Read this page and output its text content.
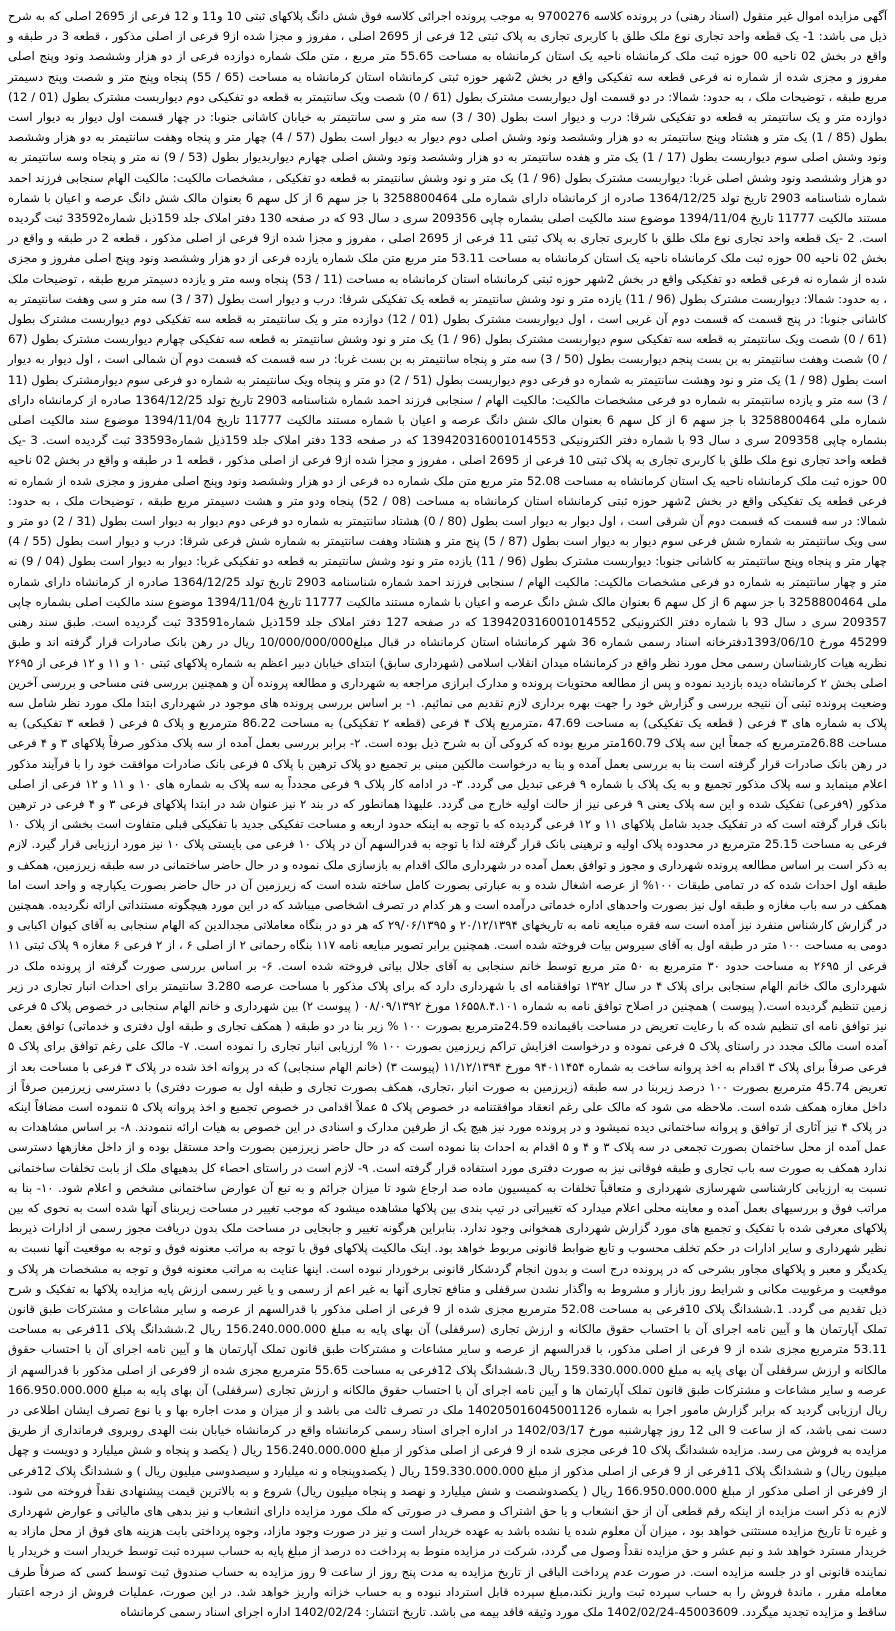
آگهی مزایده اموال غیر منقول (اسناد رهنی) در پرونده کلاسه 9700276 به موجب پرونده اجرائی کلاسه فوق شش دانگ پلاکهای ثبتی 10 و11 و 12 فرعی از 2695 اصلی که به شرح ذیل می باشد: 1- یک قطعه واحد تجاری نوع ملک طلق با کاربری تجاری به پلاک ثبتی 12 فرعی از 2695 اصلی ، مفروز و مجزا شده از9 فرعی از اصلی مذکور ، قطعه 3 در طبقه و واقع در بخش 02 ناحیه 00 حوزه ثبت ملک کرمانشاه ناحیه یک استان کرمانشاه به مساحت 55.65 متر مربع ، متن ملک شماره دوازده فرعی از دو هزار وششصد ونود وپنج اصلی مفروز و مجزی شده از شماره نه فرعی قطعه سه تفکیکی واقع در بخش 2شهر حوزه ثبتی کرمانشاه استان کرمانشاه به مساحت (65 / 55) پنجاه وپنج متر و شصت وپنج دسیمتر مربع طبقه ، توضیحات ملک ، به حدود: شمالا: در دو قسمت اول دیواربست مشترک بطول (61 / 0) شصت ویک سانتیمتر به قطعه دو تفکیکی دوم دیواربست مشترک بطول (01 / 12) دوازده متر و یک سانتیمتر به قطعه دو تفکیکی شرقا: درب و دیوار است بطول (30 / 3) سه متر و سی سانتیمتر به خیابان کاشانی جنوبا: در چهار قسمت اول دیوار به دیوار است بطول (85 / 1) یک متر و هشتاد وپنج سانتیمتر به دو هزار وششصد ونود وشش اصلی دوم دیوار به دیوار است بطول (57 / 4) چهار متر و پنجاه وهفت سانتیمتر به دو هزار وششصد ونود وشش اصلی سوم دیواربست بطول (17 / 1) یک متر و هفده سانتیمتر به دو هزار وششصد ونود وشش اصلی چهارم دیواربدیوار بطول (53 / 9) نه متر و پنجاه وسه سانتیمتر به دو هزار وششصد ونود وشش اصلی غربا: دیواربست مشترک بطول (96 / 1) یک متر و نود وشش سانتیمتر به قطعه دو تفکیکی ، مشخصات مالکیت: مالکیت الهام سنجابی فرزند احمد شماره شناسنامه 2903 تاریخ تولد 1364/12/25 صادره از کرمانشاه دارای شماره ملی 3258800464 با جز سهم 6 از کل سهم 6 بعنوان مالک شش دانگ عرصه و اعیان با شماره مستند مالکیت 11777 تاریخ 1394/11/04 موضوع سند مالکیت اصلی بشماره چاپی 209356 سری د سال 93 که در صفحه 130 دفتر املاک جلد 159ذیل شماره33592 ثبت گردیده است. 2 -یک قطعه واحد تجاری نوع ملک طلق با کاربری تجاری به پلاک ثبتی 11 فرعی از 2695 اصلی ، مفروز و مجزا شده از9 فرعی از اصلی مذکور ، قطعه 2 در طبقه و واقع در بخش 02 ناحیه 00 حوزه ثبت ملک کرمانشاه ناحیه یک استان کرمانشاه به مساحت 53.11 متر مربع متن ملک شماره یازده فرعی از دو هزار وششصد ونود وپنج اصلی مفروز و مجزی شده از شماره نه فرعی قطعه دو تفکیکی واقع در بخش 2شهر حوزه ثبتی کرمانشاه استان کرمانشاه به مساحت (11 / 53) پنجاه وسه متر و یازده دسیمتر مربع طبقه ، توضیحات ملک ، به حدود: شمالا: دیواربست مشترک بطول (96 / 11) یازده متر و نود وشش سانتیمتر به قطعه یک تفکیکی شرقا: درب و دیوار است بطول (37 / 3) سه متر و سی وهفت سانتیمتر به کاشانی جنوبا: در پنج قسمت که قسمت دوم آن غربی است ، اول دیواربست مشترک بطول (01 / 12) دوازده متر و یک سانتیمتر به قطعه سه تفکیکی دوم دیواربست مشترک بطول (61 / 0) شصت ویک سانتیمتر به قطعه سه تفکیکی سوم دیواربست مشترک بطول (96 / 1) یک متر و نود وشش سانتیمتر به قطعه سه تفکیکی چهارم دیواربست مشترک بطول (67 / 0) شصت وهفت سانتیمتر به بن بست پنجم دیواربست بطول (50 / 3) سه متر و پنجاه سانتیمتر به بن بست غربا: در سه قسمت که قسمت دوم آن شمالی است ، اول دیوار به دیوار است بطول (98 / 1) یک متر و نود وهشت سانتیمتر به شماره دو فرعی دوم دیواربست بطول (51 / 2) دو متر و پنجاه ویک سانتیمتر به شماره دو فرعی سوم دیوارمشترک بطول (11 / 3) سه متر و یازده سانتیمتر به شماره دو فرعی مشخصات مالکیت: مالکیت الهام / سنجابی فرزند احمد شماره شناسنامه 2903 تاریخ تولد 1364/12/25 صادره از کرمانشاه دارای شماره ملی 3258800464 با جز سهم 6 از کل سهم 6 بعنوان مالک شش دانگ عرصه و اعیان با شماره مستند مالکیت 11777 تاریخ 1394/11/04 موضوع سند مالکیت اصلی بشماره چاپی 209358 سری د سال 93 با شماره دفتر الکترونیکی 139420316001014553 که در صفحه 133 دفتر املاک جلد 159ذیل شماره33593 ثبت گردیده است. 3 -یک قطعه واحد تجاری نوع ملک طلق با کاربری تجاری به پلاک ثبتی 10 فرعی از 2695 اصلی ، مفروز و مجزا شده از9 فرعی از اصلی مذکور ، قطعه 1 در طبقه و واقع در بخش 02 ناحیه 00 حوزه ثبت ملک کرمانشاه ناحیه یک استان کرمانشاه به مساحت 52.08 متر مربع متن ملک شماره ده فرعی از دو هزار وششصد ونود وپنج اصلی مفروز و مجزی شده از شماره نه فرعی قطعه یک تفکیکی واقع در بخش 2شهر حوزه ثبتی کرمانشاه استان کرمانشاه به مساحت (08 / 52) پنجاه ودو متر و هشت دسیمتر مربع طبقه ، توضیحات ملک ، به حدود: شمالا: در سه قسمت که قسمت دوم آن شرقی است ، اول دیوار به دیوار است بطول (80 / 0) هشتاد سانتیمتر به شماره دو فرعی دوم دیوار به دیوار است بطول (31 / 2) دو متر و سی ویک سانتیمتر به شماره شش فرعی سوم دیوار به دیوار است بطول (87 / 5) پنج متر و هشتاد وهفت سانتیمتر به شماره شش فرعی شرقا: درب و دیوار است بطول (55 / 4) چهار متر و پنجاه وپنج سانتیمتر به کاشانی جنوبا: دیواربست مشترک بطول (96 / 11) یازده متر و نود وشش سانتیمتر به قطعه دو تفکیکی غربا: دیوار به دیوار است بطول (04 / 9) نه متر و چهار سانتیمتر به شماره دو فرعی مشخصات مالکیت: مالکیت الهام / سنجابی فرزند احمد شماره شناسنامه 2903 تاریخ تولد 1364/12/25 صادره از کرمانشاه دارای شماره ملی 3258800464 با جز سهم 6 از کل سهم 6 بعنوان مالک شش دانگ عرصه و اعیان با شماره مستند مالکیت 11777 تاریخ 1394/11/04 موضوع سند مالکیت اصلی بشماره چاپی 209357 سری د سال 93 با شماره دفتر الکترونیکی 139420316001014552 که در صفحه 127 دفتر املاک جلد 159ذیل شماره33591 ثبت گردیده است. طبق سند رهنی 45299 مورخ 1393/06/10دفترخانه اسناد رسمی شماره 36 شهر کرمانشاه استان کرمانشاه در قبال مبلغ10/000/000/000 ریال در رهن بانک صادرات قرار گرفته اند و طبق نظریه هیات کارشناسان رسمی محل مورد نظر واقع در کرمانشاه میدان انقلاب اسلامی (شهرداری سابق) ابتدای خیابان دبیر اعظم به شماره پلاکهای ثبتی ۱۰ و ۱۱ و ۱۲ فرعی از ۲۶۹۵ اصلی بخش ۲ کرمانشاه دیده بازدید نموده و پس از مطالعه محتویات پرونده و مدارک ابرازی مراجعه به شهرداری و مطالعه پرونده آن و همچنین بررسی فنی مساحی و بررسی آخرین وضعیت پرونده ثبتی آن نتیجه بررسی و گزارش خود را جهت بهره برداری لازم تقدیم می نمائیم. ۱- بر اساس بررسی پرونده های موجود در شهرداری ابتدا ملک مورد نظر شامل سه پلاک به شماره های ۳ فرعی ( قطعه یک تفکیکی) به مساحت 47.69 ،مترمربع پلاک ۴ فرعی (قطعه ۲ تفکیکی) به مساحت 86.22 مترمربع و پلاک ۵ فرعی ( قطعه ۳ تفکیکی) به مساحت 26.88مترمربع که جمعاً این سه پلاک 160.79متر مربع بوده که کروکی آن به شرح ذیل بوده است. ۲- برابر بررسی بعمل آمده از سه پلاک مذکور صرفاً پلاکهای ۳ و ۴ فرعی در رهن بانک صادرات قرار گرفته است بنا به بررسی بعمل آمده و بنا به درخواست مالکین مبنی بر تجمیع دو پلاک ترهین با پلاک ۵ فرعی بانک صادرات موافقت خود را با فرآیند مذکور اعلام مینماید و سه پلاک مذکور تجمیع و به یک پلاک با شماره ۹ فرعی تبدیل می گردد. ۳- در ادامه کار پلاک ۹ فرعی مجدداً به سه پلاک به شماره های ۱۰ و ۱۱ و ۱۲ فرعی از اصلی مذکور (۹فرعی) تفکیک شده و این سه پلاک یعنی ۹ فرعی نیز از حالت اولیه خارج می گردد. علیهذا همانطور که در بند ۲ نیز عنوان شد در ابتدا پلاکهای فرعی ۳ و ۴ فرعی در ترهین بانک قرار گرفته است که در تفکیک جدید شامل پلاکهای ۱۱ و ۱۲ فرعی گردیده که با توجه به اینکه حدود اربعه و مساحت تفکیکی جدید با تفکیکی قبلی متفاوت است بخشی از پلاک ۱۰ فرعی به مساحت 25.15 مترمربع در محدوده پلاک اولیه و ترهینی بانک قرار گرفته لذا با توجه به قدرالسهم آن در پلاک ۱۰ فرعی می بایستی پلاک ۱۰ نیز مورد ارزیابی قرار گیرد. لازم به ذکر است بر اساس مطالعه پرونده شهرداری و مجوز و توافق بعمل آمده در شهرداری مالک اقدام به بازسازی ملک نموده و در حال حاضر ساختمانی در سه طبقه زیرزمین، همکف و طبقه اول احداث شده که در تمامی طبقات ۱۰۰% از عرصه اشغال شده و به عبارتی بصورت کامل ساخته شده است که زیرزمین آن در حال حاضر بصورت یکپارچه و واحد است اما همکف در سه باب مغازه و طبقه اول نیز بصورت واحدهای اداره خدماتی درآمده است و هر کدام در تصرف اشخاصی میباشد که در این مورد هیچگونه مستنداتی ارائه نگردیده. همچنین در گزارش کارشناس منفرد نیز آمده است سه فقره مبایعه نامه به تاریخهای ۲۰/۱۲/۱۳۹۴ و ۲۹/۰۶/۱۳۹۵ که هر دو در بنگاه معاملاتی مجدالدین که الهام سنجابی به آقای کیوان اکبابی و دومی به مساحت ۱۰۰ متر در طبقه اول به آقای سیروس بیات فروخته شده است. همچنین برابر تصویر مبایعه نامه ۱۱۷ بنگاه رحمانی ۲ از اصلی ۶ ، از ۲ فرعی ۶ مغازه ۹ پلاک ثبتی ۱۱ فرعی از ۲۶۹۵ به مساحت حدود ۳۰ مترمربع به ۵۰ متر مربع توسط خانم سنجابی به آقای جلال بیاتی فروخته شده است. ۶- بر اساس بررسی صورت گرفته از پرونده ملک در شهرداری مالک خانم الهام سنجابی برای پلاک ۴ در سال ۱۳۹۲ توافقنامه ای با شهرداری دارد که برای پلاک مذکور با مساحت عرصه 3.280 سانتیمتر برای احداث انبار تجاری در زیر زمین تنظیم گردیده است.( پیوست ) همچنین در اصلاح توافق نامه به شماره ۱۶۵۵۸.۴.۱۰۱ مورخ ۰۸/۰۹/۱۳۹۲ ( پیوست ۲) بین شهرداری و خانم الهام سنجابی در خصوص پلاک ۵ فرعی نیز توافق نامه ای تنظیم شده که با رعایت تعریض در مساحت باقیمانده 24.59مترمربع بصورت ۱۰۰ % زیر بنا در دو طبقه ( همکف تجاری و طبقه اول دفتری و خدماتی) توافق بعمل آمده است مالک مجدد در راستای پلاک ۵ فرعی نموده و درخواست افزایش تراکم زیرزمین بصورت ۱۰۰ % ارزیابی انبار تجاری را نموده است. ۷- مالک علی رغم توافق برای پلاک ۵ فرعی صرفاً برای پلاک ۳ اقدام به اخذ پروانه ساخت به شماره ۹۴۰۱۱۴۵۴ مورخ ۱۱/۱۲/۱۳۹۴ (پیوست ۳) (خانم الهام سنجابی) که در پروانه اخذ شده در پلاک ۳ فرعی با مساحت بعد از تعریض 45.74 مترمربع بصورت ۱۰۰ درصد زیربنا در سه طبقه (زیرزمین به صورت انبار ،تجاری، همکف بصورت تجاری و طبقه اول به صورت دفتری) با دسترسی زیرزمین صرفاً از داخل مغازه همکف شده است. ملاحظه می شود که مالک علی رغم انعقاد موافقتنامه در خصوص پلاک ۵ عملاً اقدامی در خصوص تجمیع و اخذ پروانه پلاک ۵ ننموده است مضافاً اینکه در پلاک ۴ نیز آثاری از توافق و پروانه ساختمانی دیده نمیشود و در پرونده مورد نیز هیچ یک از طرفین مدارک و اسنادی در این خصوص به هیات ارائه ننمودند. ۸- بر اساس مشاهدات به عمل آمده از محل ساختمان بصورت تجمعی در سه پلاک ۳ و ۴ و ۵ اقدام به احداث بنا نموده است که در حال حاضر زیرزمین بصورت واحد مستقل بوده و از داخل مغازهها دسترسی ندارد همکف به صورت سه باب تجاری و طبقه فوقانی نیز به صورت دفتری مورد استفاده قرار گرفته است. ۹- لازم است در راستای احصاء کل بدهیهای ملک از بابت تخلفات ساختمانی نسبت به ارزیابی کارشناسی شهرسازی شهرداری و متعاقباً تخلفات به کمیسیون ماده صد ارجاع شود تا میزان جرائم و به تبع آن عوارض ساختمانی مشخص و اعلام شود. ۱۰- بنا به مراتب فوق و بررسیهای بعمل آمده و معاینه محلی اعلام میدارد که تغییراتی در تیپ بندی بین پلاکها مشاهده میشود که موجب تغییر در مساحت زیربنای آنها شده است به نحوی که بین پلاکهای معرفی شده با تفکیک و تجمیع های مورد گزارش شهرداری همخوانی وجود ندارد. بنابراین هرگونه تغییر و جابجایی در مساحت ملک بدون دریافت مجوز رسمی از ادارات ذیربط نظیر شهرداری و سایر ادارات در حکم تخلف محسوب و تابع ضوابط قانونی مربوط خواهد بود. اینک مالکیت پلاکهای فوق با توجه به مراتب معنونه فوق و توجه به موقعیت آنها نسبت به یکدیگر و معبر و پلاکهای مجاور بشرحی که در پرونده درج است و بدون انجام گردشکار قانونی برخوردار نبوده است. اینها عنایت به مراتب معنونه فوق و توجه به مشخصات هر پلاک و موقعیت و مرغوبیت مکانی و شرایط روز بازار و مشروط به واگذار نشدن سرقفلی و منافع تجاری آنها به غیر اعم از رسمی و یا غیر رسمی ارزش پایه مزایده پلاکها به تفکیک و شرح ذیل تقدیم می گردد. 1.ششدانگ پلاک 10فرعی به مساحت 52.08 مترمربع مجزی شده از 9 فرعی از اصلی مذکور با قدرالسهم از عرصه و سایر مشاعات و مشترکات طبق قانون تملک آپارتمان ها و آیین نامه اجرای آن با احتساب حقوق مالکانه و ارزش تجاری (سرقفلی) آن بهای پایه به مبلغ 156.240.000.000 ریال 2.ششدانگ پلاک 11فرعی به مساحت 53.11 مترمربع مجزی شده از 9 فرعی از اصلی مذکور، با قدرالسهم از عرصه و سایر مشاعات و مشترکات طبق قانون تملک آپارتمان ها و آیین نامه اجرای آن با احتساب حقوق مالکانه و ارزش سرقفلی آن بهای پایه به مبلغ 159.330.000.000 ریال 3.ششدانگ پلاک 12فرعی به مساحت 55.65 مترمربع مجزی شده از 9فرعی از اصلی مذکور با قدرالسهم از عرصه و سایر مشاعات و مشترکات طبق قانون تملک آپارتمان ها و آیین نامه اجرای آن با احتساب حقوق مالکانه و ارزش تجاری (سرقفلی) آن بهای پایه به مبلغ 166.950.000.000 ریال ارزیابی گردید که برابر گزارش مامور اجرا به شماره 140205016045001126 ملک در تصرف ثالث می باشد و از میزان و مدت اجاره بها و یا نوع تصرف ایشان اطلاعی در دست نمی باشد، که از ساعت 9 الی 12 روز چهارشنبه مورخ 1402/03/17 در اداره اجرای اسناد رسمی کرمانشاه واقع در کرمانشاه خیابان بنت الهدی روبروی فرمانداری از طریق مزایده به فروش می رسد. مزایده ششدانگ پلاک 10 فرعی مجزی شده از 9 فرعی از اصلی مذکور از مبلغ 156.240.000.000 ریال ( یکصد و پنجاه و شش میلیارد و دویست و چهل میلیون ریال) و ششدانگ پلاک 11فرعی از 9 فرعی از اصلی مذکور از مبلغ 159.330.000.000 ریال ( یکصدوپنجاه و نه میلیارد و سیصدوسی میلیون ریال ) و ششدانگ پلاک 12فرعی از 9فرعی از اصلی مذکور از مبلغ 166.950.000.000 ریال ( یکصدوشصت و شش میلیارد و نهصد و پنجاه میلیون ریال) شروع و به بالاترین قیمت پیشنهادی نقداً فروخته می شود. لازم به ذکر است مزایده از اینکه رقم قطعی آن از حق انشعاب و یا حق اشتراک و مصرف در صورتی که ملک مورد مزایده دارای انشعاب و نیز بدهی های مالیاتی و عوارض شهرداری و غیره تا تاریخ مزایده مستثنی خواهد بود ، میزان آن معلوم شده یا نشده باشد به عهده خریدار است و نیز در صورت وجود مازاد، وجوه پرداختی بابت هزینه های فوق از محل مازاد به خریدار مسترد خواهد شد و نیم عشر و حق مزایده نقداً وصول می گردد، شرکت در مزایده منوط به پرداخت ده درصد از مبلغ پایه به حساب سپرده ثبت توسط خریدار است و خریدار یا نماینده قانونی او در جلسه مزایده است. در صورت عدم پرداخت الباقی از تاریخ مزایده به مدت پنج روز از ساعت 9 روز مزایده به حساب صندوق ثبت توسط کسی که صرفاً طرف معامله مقرر ، ماندهٔ فروش را به حساب سپرده ثبت واریز نکند،مبلغ سپرده قابل استرداد نبوده و به حساب خزانه واریز خواهد شد. در این صورت، عملیات فروش از درجه اعتبار ساقط و مزایده تجدید میگردد. 45003609-1402/02/24 ملک مورد وثیقه فاقد بیمه می باشد. تاریخ انتشار: 1402/02/24 اداره اجرای اسناد رسمی کرمانشاه
